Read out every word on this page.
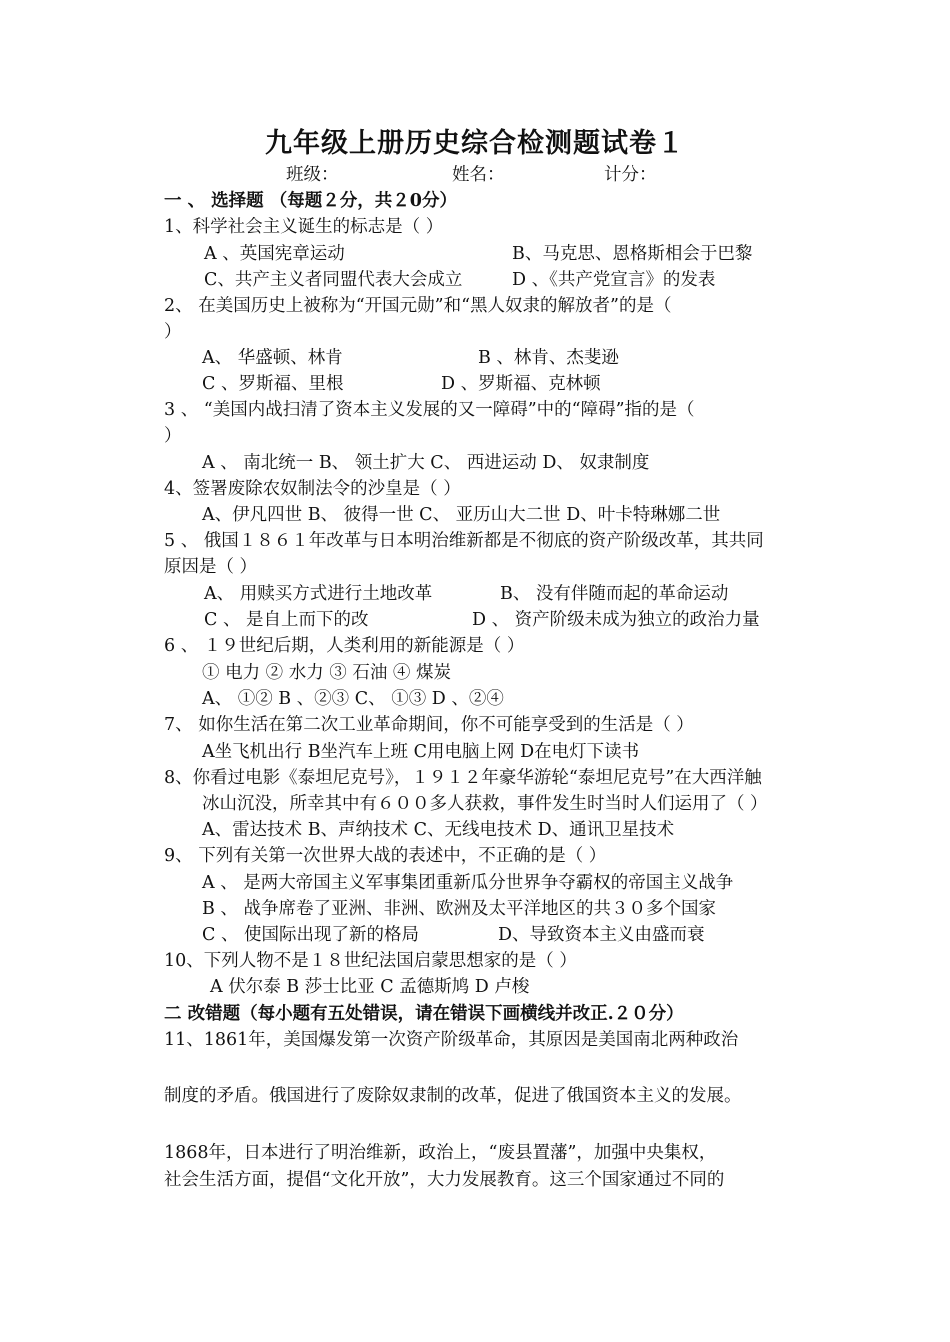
九年级上册历史综合检测题试卷１
班级：	姓名：	计分：
一 、 选择题 （每题２分，共２0分）
1、科学社会主义诞生的标志是（ ）
A 、英国宪章运动	B、马克思、恩格斯相会于巴黎
C、共产主义者同盟代表大会成立	D 、《共产党宣言》的发表
2、 在美国历史上被称为“开国元勋”和“黑人奴隶的解放者”的是（
）
A、 华盛顿、林肯	B 、林肯、杰斐逊
C 、罗斯福、里根	D 、罗斯福、克林顿
3 、 “美国内战扫清了资本主义发展的又一障碍”中的“障碍”指的是（
）
A 、 南北统一 B、 领土扩大 C、 西进运动 D、 奴隶制度
4、签署废除农奴制法令的沙皇是（ ）
A、伊凡四世 B、 彼得一世 C、 亚历山大二世 D、叶卡特琳娜二世
5 、 俄国１８６１年改革与日本明治维新都是不彻底的资产阶级改革，其共同
原因是（ ）
A、 用赎买方式进行土地改革	B、 没有伴随而起的革命运动
C 、 是自上而下的改	D 、 资产阶级未成为独立的政治力量
6 、 １９世纪后期，人类利用的新能源是（ ）
① 电力 ② 水力 ③ 石油 ④ 煤炭
A、 ①② B 、②③ C、 ①③ D 、②④
7、 如你生活在第二次工业革命期间，你不可能享受到的生活是（ ）
A坐飞机出行 B坐汽车上班 C用电脑上网 D在电灯下读书
8、你看过电影《泰坦尼克号》，１９１２年豪华游轮“泰坦尼克号”在大西洋触
冰山沉没，所幸其中有６００多人获救，事件发生时当时人们运用了（ ）
A、雷达技术 B、声纳技术 C、无线电技术 D、通讯卫星技术
9、 下列有关第一次世界大战的表述中，不正确的是（ ）
A 、 是两大帝国主义军事集团重新瓜分世界争夺霸权的帝国主义战争
B 、 战争席卷了亚洲、非洲、欧洲及太平洋地区的共３０多个国家
C 、 使国际出现了新的格局	D、导致资本主义由盛而衰
10、下列人物不是１８世纪法国启蒙思想家的是（ ）
A 伏尔泰 B 莎士比亚 C 孟德斯鸠 D 卢梭
二 改错题（每小题有五处错误，请在错误下画横线并改正.２０分）
11、1861年，美国爆发第一次资产阶级革命，其原因是美国南北两种政治
制度的矛盾。俄国进行了废除奴隶制的改革，促进了俄国资本主义的发展。
1868年，日本进行了明治维新，政治上，“废县置藩”，加强中央集权，
社会生活方面，提倡“文化开放”，大力发展教育。这三个国家通过不同的
